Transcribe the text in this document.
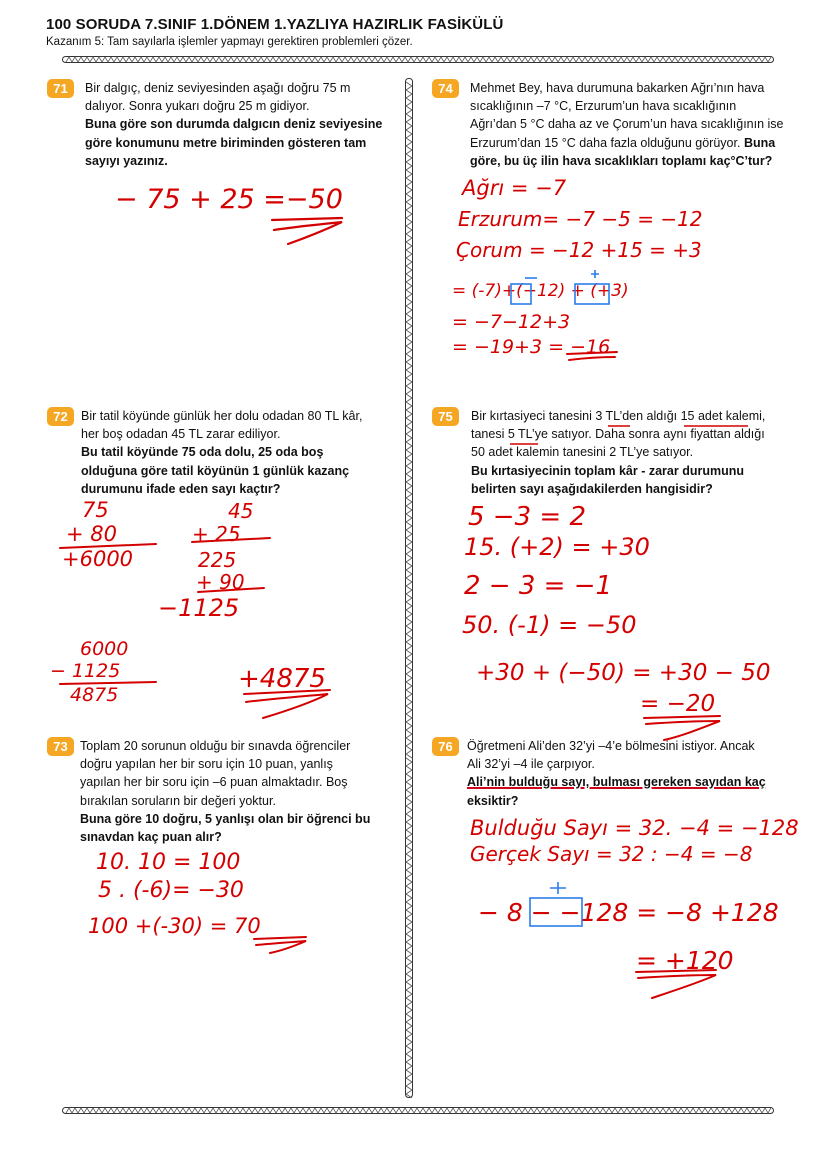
100 SORUDA 7.SINIF 1.DÖNEM 1.YAZLIYA HAZIRLIK FASİKÜLÜ
Kazanım 5: Tam sayılarla işlemler yapmayı gerektiren problemleri çözer.
71	Bir dalgıç, deniz seviyesinden aşağı doğru 75 m

dalıyor. Sonra yukarı doğru 25 m gidiyor.

Buna göre son durumda dalgıcın deniz seviyesine

göre konumunu metre biriminden gösteren tam

sayıyı yazınız.

− 75 + 25 =−50
72	Bir tatil köyünde günlük her dolu odadan 80 TL kâr,

her boş odadan 45 TL zarar ediliyor.

Bu tatil köyünde 75 oda dolu, 25 oda boş

olduğuna göre tatil köyünün 1 günlük kazanç

durumunu ifade eden sayı kaçtır?

75
+ 80
+6000
45
+ 25
225
+ 90
−1125
6000
− 1125
4875
+4875
73 Toplam 20 sorunun olduğu bir sınavda öğrenciler

doğru yapılan her bir soru için 10 puan, yanlış

yapılan her bir soru için –6 puan almaktadır. Boş

bırakılan soruların bir değeri yoktur.

Buna göre 10 doğru, 5 yanlışı olan bir öğrenci bu

sınavdan kaç puan alır?

10. 10 = 100
5 . (-6)= −30
100 +(-30) = 70
74	Mehmet Bey, hava durumuna bakarken Ağrı’nın hava

sıcaklığının –7 °C, Erzurum’un hava sıcaklığının

Ağrı’dan 5 °C daha az ve Çorum’un hava sıcaklığının ise

Erzurum’dan 15 °C daha fazla olduğunu görüyor. Buna

göre, bu üç ilin hava sıcaklıkları toplamı kaç°C’tur?

Ağrı = −7
Erzurum= −7 −5 = −12
Çorum = −12 +15 = +3
= (-7)+(−12) + (+3)
= −7−12+3
= −19+3 = −16
75	Bir kırtasiyeci tanesini 3 TL’den aldığı 15 adet kalemi,

tanesi 5 TL’ye satıyor. Daha sonra aynı fiyattan aldığı

50 adet kalemin tanesini 2 TL’ye satıyor.

Bu kırtasiyecinin toplam kâr - zarar durumunu

belirten sayı aşağıdakilerden hangisidir?

5 −3 = 2
15. (+2) = +30
2 − 3 = −1
50. (-1) = −50
+30 + (−50) = +30 − 50
= −20
76	Öğretmeni Ali’den 32’yi –4’e bölmesini istiyor. Ancak

Ali 32’yi –4 ile çarpıyor.

Ali’nin bulduğu sayı, bulması gereken sayıdan kaç

eksiktir?

Bulduğu Sayı = 32. −4 = −128
Gerçek Sayı = 32 : −4 = −8
− 8 − −128 = −8 +128
= +120
